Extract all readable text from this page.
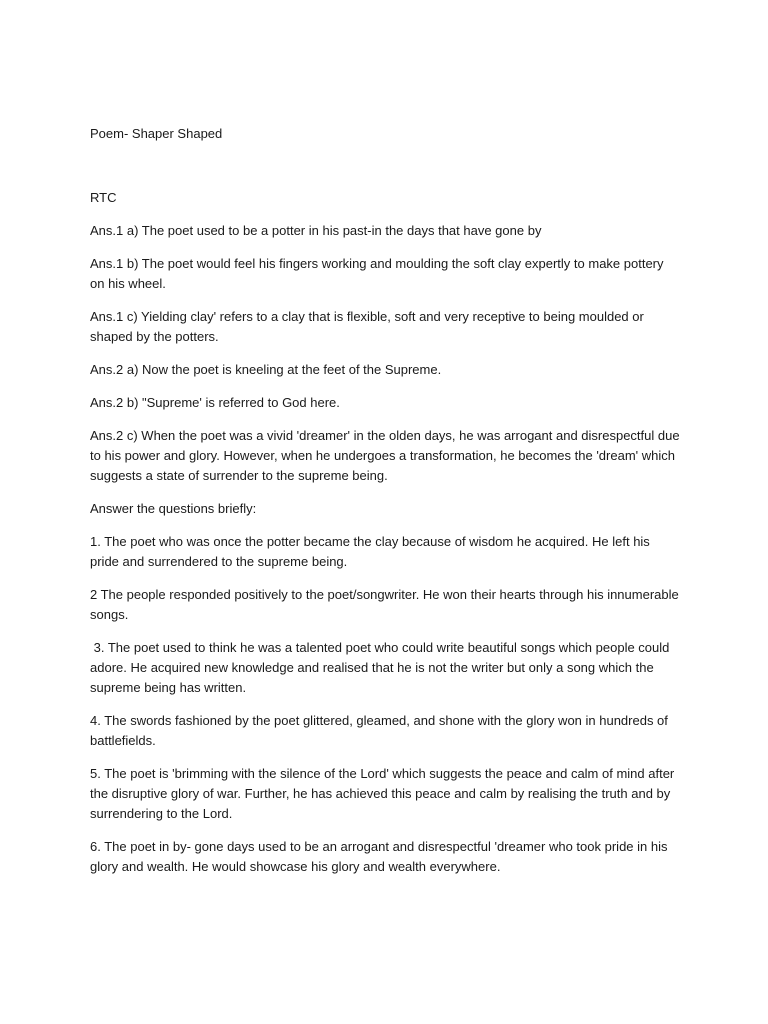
Poem- Shaper Shaped

RTC

Ans.1 a) The poet used to be a potter in his past-in the days that have gone by

Ans.1 b) The poet would feel his fingers working and moulding the soft clay expertly to make pottery on his wheel.

Ans.1 c) Yielding clay' refers to a clay that is flexible, soft and very receptive to being moulded or shaped by the potters.

Ans.2 a) Now the poet is kneeling at the feet of the Supreme.

Ans.2 b) "Supreme' is referred to God here.

Ans.2 c) When the poet was a vivid 'dreamer' in the olden days, he was arrogant and disrespectful due to his power and glory. However, when he undergoes a transformation, he becomes the 'dream' which suggests a state of surrender to the supreme being.

Answer the questions briefly:

1. The poet who was once the potter became the clay because of wisdom he acquired. He left his pride and surrendered to the supreme being.

2 The people responded positively to the poet/songwriter. He won their hearts through his innumerable songs.

3. The poet used to think he was a talented poet who could write beautiful songs which people could adore. He acquired new knowledge and realised that he is not the writer but only a song which the supreme being has written.

4. The swords fashioned by the poet glittered, gleamed, and shone with the glory won in hundreds of battlefields.

5. The poet is 'brimming with the silence of the Lord' which suggests the peace and calm of mind after the disruptive glory of war. Further, he has achieved this peace and calm by realising the truth and by surrendering to the Lord.

6. The poet in by- gone days used to be an arrogant and disrespectful 'dreamer who took pride in his glory and wealth. He would showcase his glory and wealth everywhere.
